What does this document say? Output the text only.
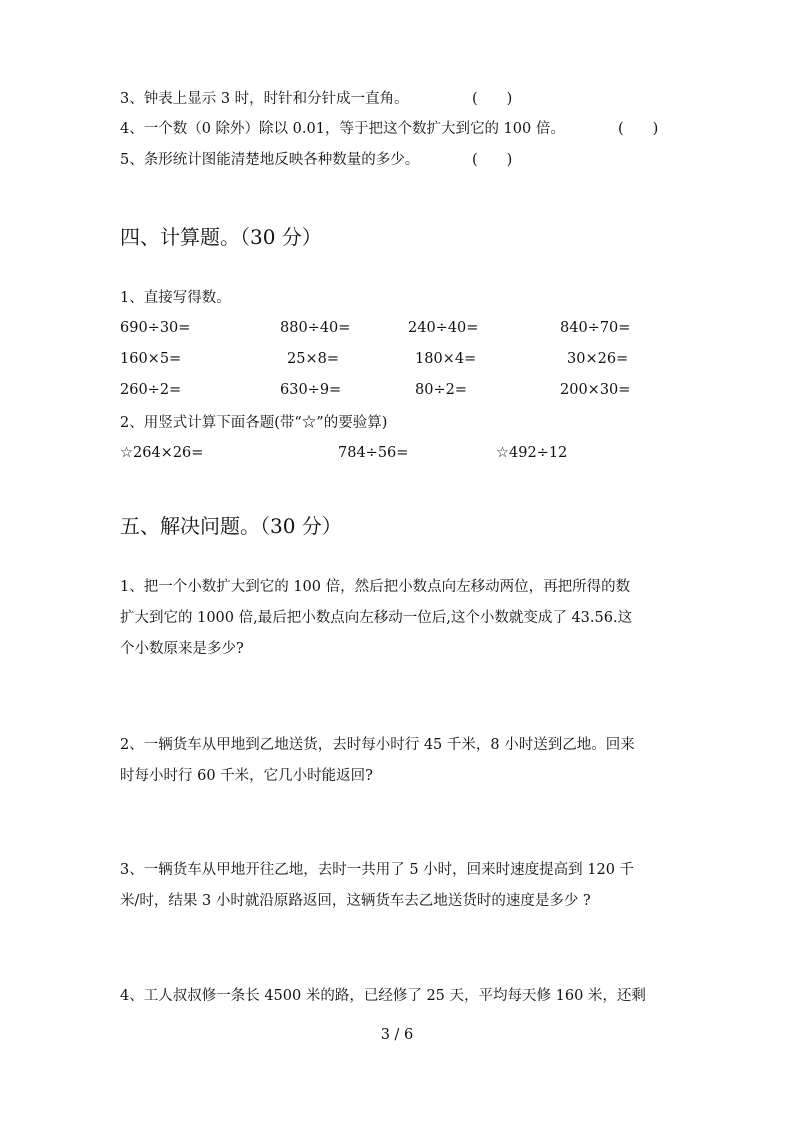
3、钟表上显示 3 时，时针和分针成一直角。	(　　)
4、一个数（0 除外）除以 0.01，等于把这个数扩大到它的 100 倍。	(　　)
5、条形统计图能清楚地反映各种数量的多少。	(　　)
四、计算题。（30 分）
1、直接写得数。
690÷30=	880÷40=	240÷40=	840÷70=
160×5=	25×8=	180×4=	30×26=
260÷2=	630÷9=	80÷2=	200×30=
2、用竖式计算下面各题(带“☆”的要验算)
☆264×26=	784÷56=	☆492÷12
五、解决问题。（30 分）
1、把一个小数扩大到它的 100 倍，然后把小数点向左移动两位，再把所得的数
扩大到它的 1000 倍,最后把小数点向左移动一位后,这个小数就变成了 43.56.这
个小数原来是多少?
2、一辆货车从甲地到乙地送货，去时每小时行 45 千米，8 小时送到乙地。回来
时每小时行 60 千米，它几小时能返回?
3、一辆货车从甲地开往乙地，去时一共用了 5 小时，回来时速度提高到 120 千
米/时，结果 3 小时就沿原路返回，这辆货车去乙地送货时的速度是多少 ?
4、工人叔叔修一条长 4500 米的路，已经修了 25 天，平均每天修 160 米，还剩
3 / 6
